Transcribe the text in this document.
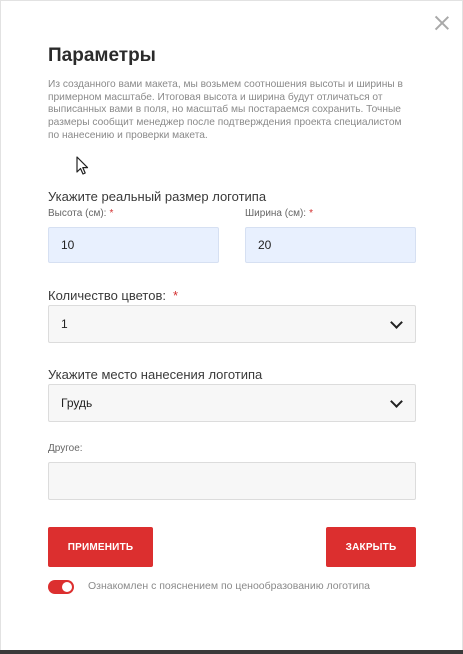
Параметры

Из созданного вами макета, мы возьмем соотношения высоты и ширины в примерном масштабе. Итоговая высота и ширина будут отличаться от выписанных вами в поля, но масштаб мы постараемся сохранить. Точные размеры сообщит менеджер после подтверждения проекта специалистом по нанесению и проверки макета.

Укажите реальный размер логотипа
Высота (см): *
10
Ширина (см): *
20
Количество цветов: *
1
Укажите место нанесения логотипа
Грудь
Другое:
ПРИМЕНИТЬ	ЗАКРЫТЬ
Ознакомлен с пояснением по ценообразованию логотипа
